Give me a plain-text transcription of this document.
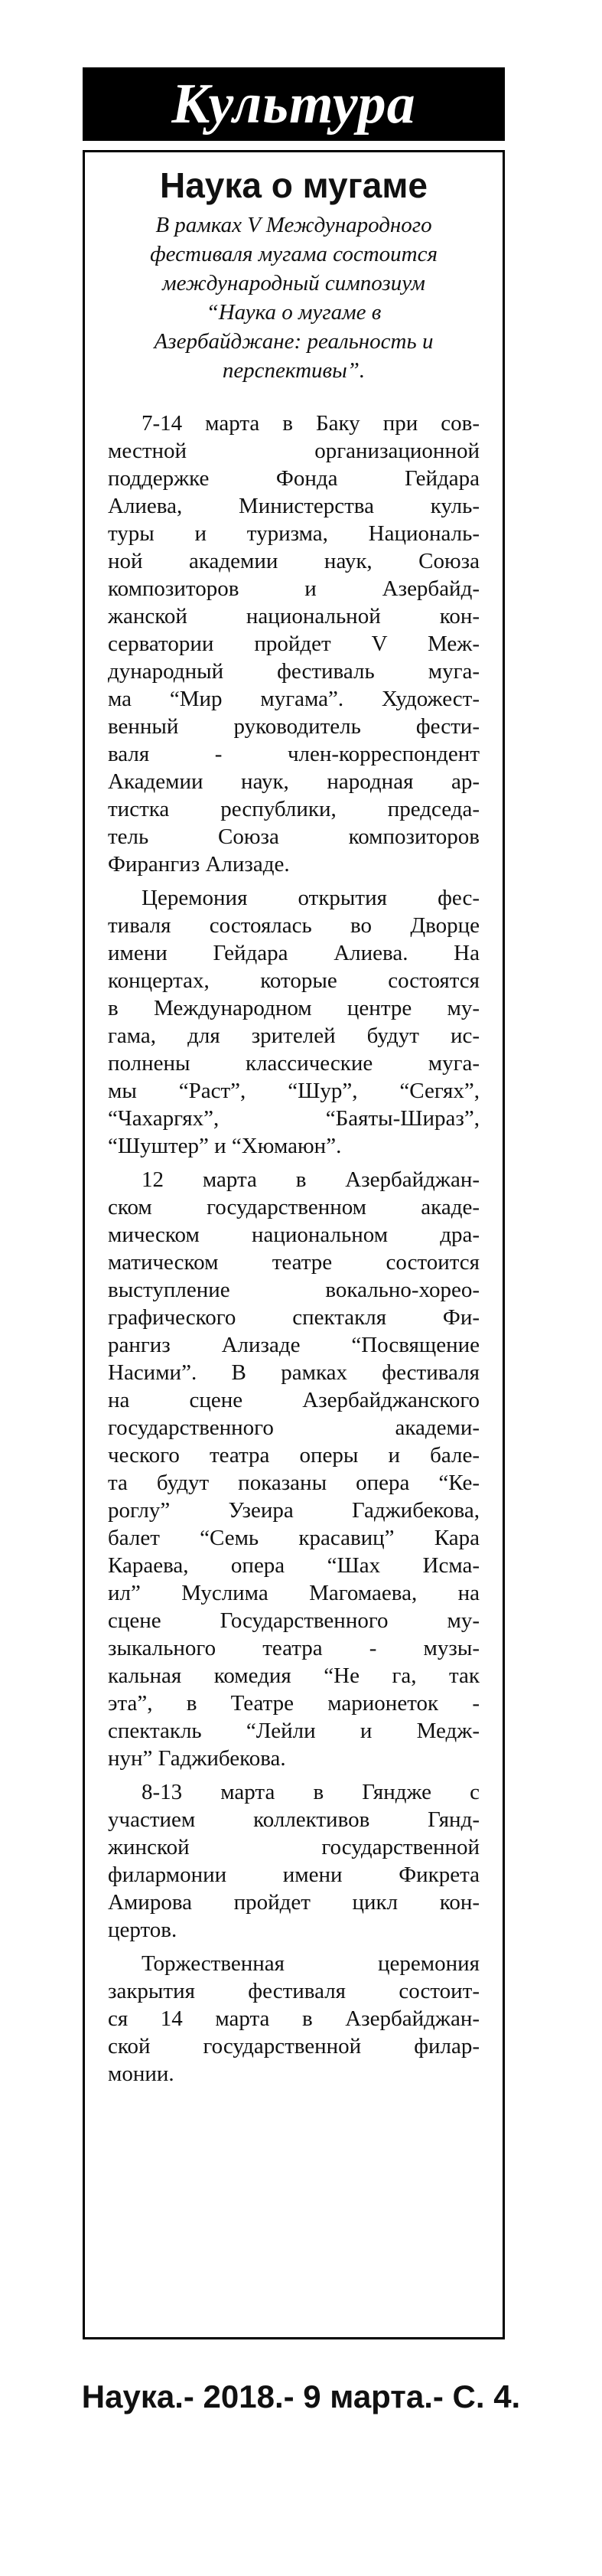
Культура
Наука о мугаме
В рамках V Международного
фестиваля мугама состоится
международный симпозиум
“Наука о мугаме в
Азербайджане: реальность и
перспективы”.
7-14 марта в Баку при сов-
местной организационной
поддержке Фонда Гейдара
Алиева, Министерства куль-
туры и туризма, Националь-
ной академии наук, Союза
композиторов и Азербайд-
жанской национальной кон-
серватории пройдет V Меж-
дународный фестиваль муга-
ма “Мир мугама”. Художест-
венный руководитель фести-
валя - член-корреспондент
Академии наук, народная ар-
тистка республики, председа-
тель Союза композиторов
Фирангиз Ализаде.
Церемония открытия фес-
тиваля состоялась во Дворце
имени Гейдара Алиева. На
концертах, которые состоятся
в Международном центре му-
гама, для зрителей будут ис-
полнены классические муга-
мы “Раст”, “Шур”, “Сегях”,
“Чахаргях”, “Баяты-Шираз”,
“Шуштер” и “Хюмаюн”.
12 марта в Азербайджан-
ском государственном акаде-
мическом национальном дра-
матическом театре состоится
выступление вокально-хорео-
графического спектакля Фи-
рангиз Ализаде “Посвящение
Насими”. В рамках фестиваля
на сцене Азербайджанского
государственного академи-
ческого театра оперы и бале-
та будут показаны опера “Ке-
роглу” Узеира Гаджибекова,
балет “Семь красавиц” Кара
Караева, опера “Шах Исма-
ил” Муслима Магомаева, на
сцене Государственного му-
зыкального театра - музы-
кальная комедия “Не га, так
эта”, в Театре марионеток -
спектакль “Лейли и Медж-
нун” Гаджибекова.
8-13 марта в Гяндже с
участием коллективов Гянд-
жинской государственной
филармонии имени Фикрета
Амирова пройдет цикл кон-
цертов.
Торжественная церемония
закрытия фестиваля состоит-
ся 14 марта в Азербайджан-
ской государственной филар-
монии.
Наука.- 2018.- 9 марта.- С. 4.
